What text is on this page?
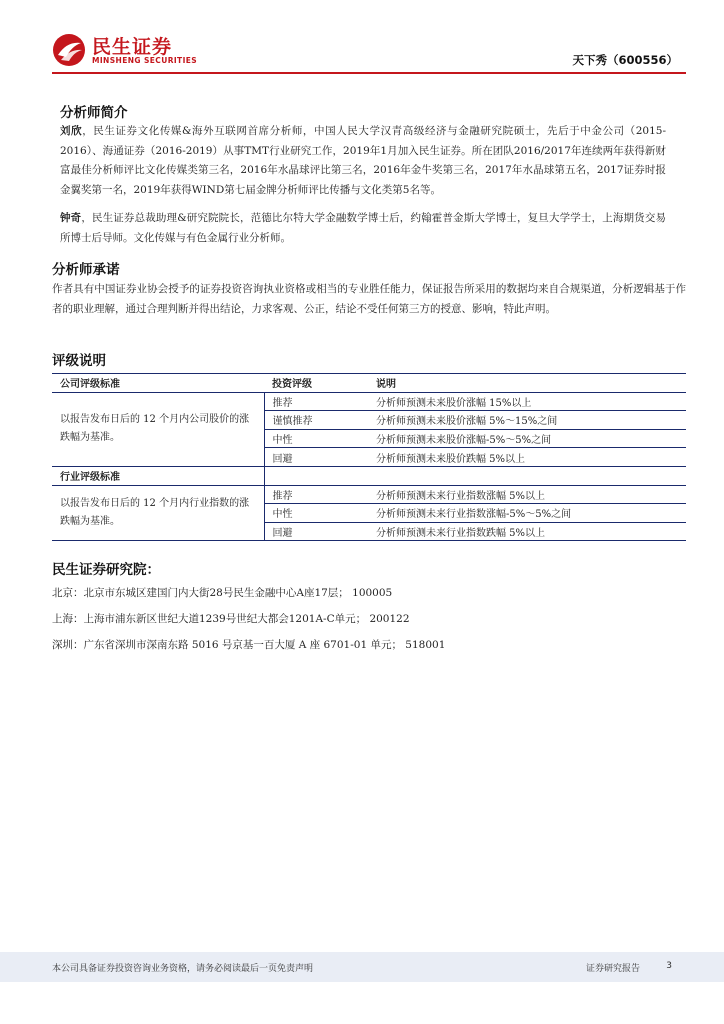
民生证券
MINSHENG SECURITIES	天下秀（600556）
分析师简介
刘欣，民生证券文化传媒&海外互联网首席分析师，中国人民大学汉青高级经济与金融研究院硕士，先后于中金公司（2015-2016）、海通证券（2016-2019）从事TMT行业研究工作，2019年1月加入民生证券。所在团队2016/2017年连续两年获得新财富最佳分析师评比文化传媒类第三名，2016年水晶球评比第三名，2016年金牛奖第三名，2017年水晶球第五名，2017证券时报金翼奖第一名，2019年获得WIND第七届金牌分析师评比传播与文化类第5名等。
钟奇，民生证券总裁助理&研究院院长，范德比尔特大学金融数学博士后，约翰霍普金斯大学博士，复旦大学学士，上海期货交易所博士后导师。文化传媒与有色金属行业分析师。
分析师承诺
作者具有中国证券业协会授予的证券投资咨询执业资格或相当的专业胜任能力，保证报告所采用的数据均来自合规渠道，分析逻辑基于作者的职业理解，通过合理判断并得出结论，力求客观、公正，结论不受任何第三方的授意、影响，特此声明。
评级说明
公司评级标准	投资评级	说明
以报告发布日后的 12 个月内公司股价的涨跌幅为基准。	推荐	分析师预测未来股价涨幅 15%以上
	谨慎推荐	分析师预测未来股价涨幅 5%～15%之间
	中性	分析师预测未来股价涨幅-5%～5%之间
	回避	分析师预测未来股价跌幅 5%以上
行业评级标准		
以报告发布日后的 12 个月内行业指数的涨跌幅为基准。	推荐	分析师预测未来行业指数涨幅 5%以上
	中性	分析师预测未来行业指数涨幅-5%～5%之间
	回避	分析师预测未来行业指数跌幅 5%以上
民生证券研究院：
北京：北京市东城区建国门内大街28号民生金融中心A座17层； 100005
上海：上海市浦东新区世纪大道1239号世纪大都会1201A-C单元； 200122
深圳：广东省深圳市深南东路 5016 号京基一百大厦 A 座 6701-01 单元； 518001
本公司具备证券投资咨询业务资格，请务必阅读最后一页免责声明	证券研究报告	3
